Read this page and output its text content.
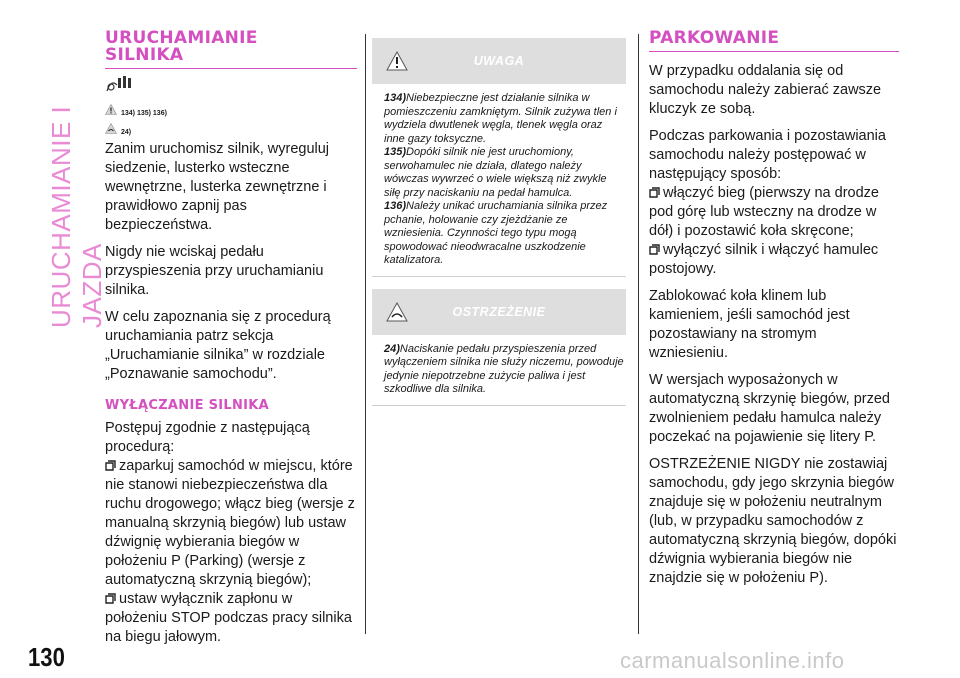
URUCHAMIANIE I JAZDA
130	carmanualsonline.info
URUCHAMIANIE
SILNIKA
134) 135) 136)
24)

Zanim uruchomisz silnik, wyreguluj siedzenie, lusterko wsteczne wewnętrzne, lusterka zewnętrzne i prawidłowo zapnij pas bezpieczeństwa.

Nigdy nie wciskaj pedału przyspieszenia przy uruchamianiu silnika.

W celu zapoznania się z procedurą uruchamiania patrz sekcja „Uruchamianie silnika” w rozdziale „Poznawanie samochodu”.

WYŁĄCZANIE SILNIKA

Postępuj zgodnie z następującą procedurą:

zaparkuj samochód w miejscu, które nie stanowi niebezpieczeństwa dla ruchu drogowego; włącz bieg (wersje z manualną skrzynią biegów) lub ustaw dźwignię wybierania biegów w położeniu P (Parking) (wersje z automatyczną skrzynią biegów);

ustaw wyłącznik zapłonu w położeniu STOP podczas pracy silnika na biegu jałowym.

UWAGA

134)Niebezpieczne jest działanie silnika w pomieszczeniu zamkniętym. Silnik zużywa tlen i wydziela dwutlenek węgla, tlenek węgla oraz inne gazy toksyczne.

135)Dopóki silnik nie jest uruchomiony, serwohamulec nie działa, dlatego należy wówczas wywrzeć o wiele większą niż zwykle siłę przy naciskaniu na pedał hamulca.

136)Należy unikać uruchamiania silnika przez pchanie, holowanie czy zjeżdżanie ze wzniesienia. Czynności tego typu mogą spowodować nieodwracalne uszkodzenie katalizatora.

OSTRZEŻENIE

24)Naciskanie pedału przyspieszenia przed wyłączeniem silnika nie służy niczemu, powoduje jedynie niepotrzebne zużycie paliwa i jest szkodliwe dla silnika.

PARKOWANIE

W przypadku oddalania się od samochodu należy zabierać zawsze kluczyk ze sobą.

Podczas parkowania i pozostawiania samochodu należy postępować w następujący sposób:

włączyć bieg (pierwszy na drodze pod górę lub wsteczny na drodze w dół) i pozostawić koła skręcone;

wyłączyć silnik i włączyć hamulec postojowy.

Zablokować koła klinem lub kamieniem, jeśli samochód jest pozostawiany na stromym wzniesieniu.

W wersjach wyposażonych w automatyczną skrzynię biegów, przed zwolnieniem pedału hamulca należy poczekać na pojawienie się litery P.

OSTRZEŻENIE NIGDY nie zostawiaj samochodu, gdy jego skrzynia biegów znajduje się w położeniu neutralnym (lub, w przypadku samochodów z automatyczną skrzynią biegów, dopóki dźwignia wybierania biegów nie znajdzie się w położeniu P).
